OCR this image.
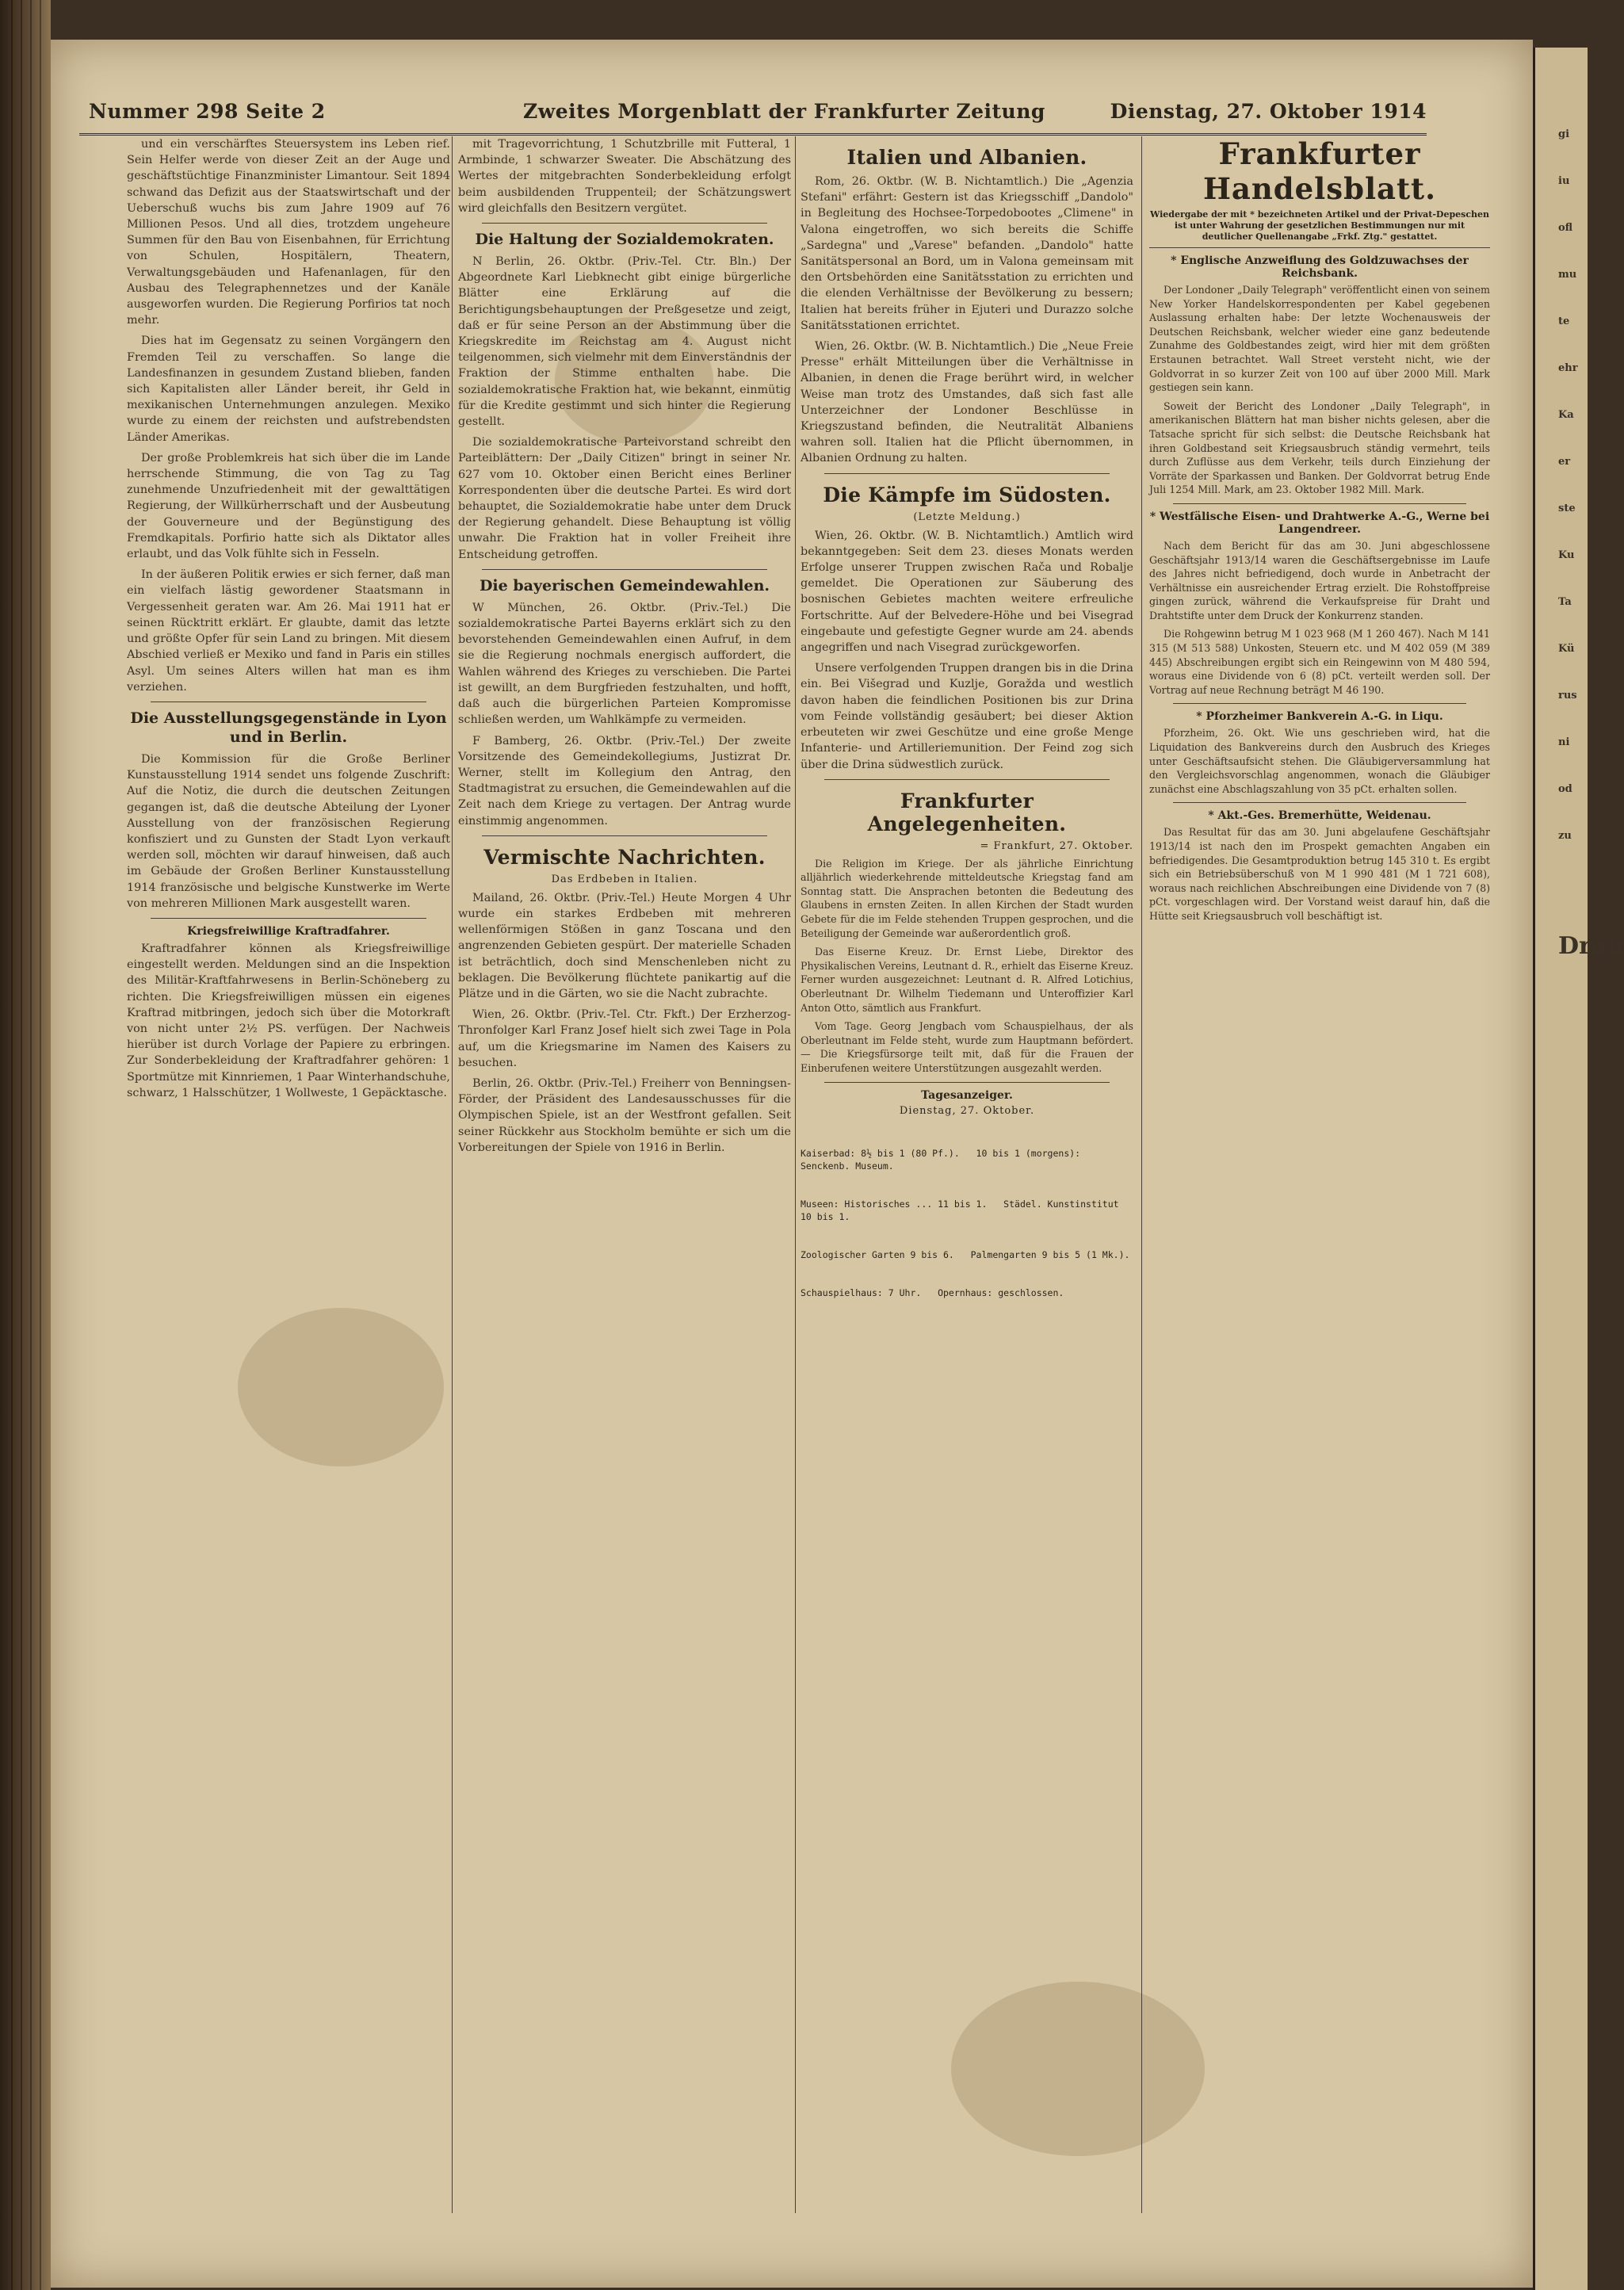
Nummer 298 Seite 2	Zweites Morgenblatt der Frankfurter Zeitung	Dienstag, 27. Oktober 1914

und ein verschärftes Steuersystem ins Leben rief. Sein Helfer werde von dieser Zeit an der Auge und geschäftstüchtige Finanzminister Limantour. Seit 1894 schwand das Defizit aus der Staatswirtschaft und der Ueberschuß wuchs bis zum Jahre 1909 auf 76 Millionen Pesos. Und all dies, trotzdem ungeheure Summen für den Bau von Eisenbahnen, für Errichtung von Schulen, Hospitälern, Theatern, Verwaltungsgebäuden und Hafenanlagen, für den Ausbau des Telegraphennetzes und der Kanäle ausgeworfen wurden. Die Regierung Porfirios tat noch mehr.

Dies hat im Gegensatz zu seinen Vorgängern den Fremden Teil zu verschaffen. So lange die Landesfinanzen in gesundem Zustand blieben, fanden sich Kapitalisten aller Länder bereit, ihr Geld in mexikanischen Unternehmungen anzulegen. Mexiko wurde zu einem der reichsten und aufstrebendsten Länder Amerikas.

Der große Problemkreis hat sich über die im Lande herrschende Stimmung, die von Tag zu Tag zunehmende Unzufriedenheit mit der gewalttätigen Regierung, der Willkürherrschaft und der Ausbeutung der Gouverneure und der Begünstigung des Fremdkapitals. Porfirio hatte sich als Diktator alles erlaubt, und das Volk fühlte sich in Fesseln.

In der äußeren Politik erwies er sich ferner, daß man ein vielfach lästig gewordener Staatsmann in Vergessenheit geraten war. Am 26. Mai 1911 hat er seinen Rücktritt erklärt. Er glaubte, damit das letzte und größte Opfer für sein Land zu bringen. Mit diesem Abschied verließ er Mexiko und fand in Paris ein stilles Asyl. Um seines Alters willen hat man es ihm verziehen.

Die Ausstellungsgegenstände in Lyon und in Berlin.

Die Kommission für die Große Berliner Kunstausstellung 1914 sendet uns folgende Zuschrift: Auf die Notiz, die durch die deutschen Zeitungen gegangen ist, daß die deutsche Abteilung der Lyoner Ausstellung von der französischen Regierung konfisziert und zu Gunsten der Stadt Lyon verkauft werden soll, möchten wir darauf hinweisen, daß auch im Gebäude der Großen Berliner Kunstausstellung 1914 französische und belgische Kunstwerke im Werte von mehreren Millionen Mark ausgestellt waren.

Kriegsfreiwillige Kraftradfahrer.

Kraftradfahrer können als Kriegsfreiwillige eingestellt werden. Meldungen sind an die Inspektion des Militär-Kraftfahrwesens in Berlin-Schöneberg zu richten. Die Kriegsfreiwilligen müssen ein eigenes Kraftrad mitbringen, jedoch sich über die Motorkraft von nicht unter 2½ PS. verfügen. Der Nachweis hierüber ist durch Vorlage der Papiere zu erbringen. Zur Sonderbekleidung der Kraftradfahrer gehören: 1 Sportmütze mit Kinnriemen, 1 Paar Winterhandschuhe, schwarz, 1 Halsschützer, 1 Wollweste, 1 Gepäcktasche.

mit Tragevorrichtung, 1 Schutzbrille mit Futteral, 1 Armbinde, 1 schwarzer Sweater. Die Abschätzung des Wertes der mitgebrachten Sonderbekleidung erfolgt beim ausbildenden Truppenteil; der Schätzungswert wird gleichfalls den Besitzern vergütet.

Die Haltung der Sozialdemokraten.

N Berlin, 26. Oktbr. (Priv.-Tel. Ctr. Bln.) Der Abgeordnete Karl Liebknecht gibt einige bürgerliche Blätter eine Erklärung auf die Berichtigungsbehauptungen der Preßgesetze und zeigt, daß er für seine Person an der Abstimmung über die Kriegskredite im Reichstag am 4. August nicht teilgenommen, sich vielmehr mit dem Einverständnis der Fraktion der Stimme enthalten habe. Die sozialdemokratische Fraktion hat, wie bekannt, einmütig für die Kredite gestimmt und sich hinter die Regierung gestellt.

Die sozialdemokratische Parteivorstand schreibt den Parteiblättern: Der „Daily Citizen" bringt in seiner Nr. 627 vom 10. Oktober einen Bericht eines Berliner Korrespondenten über die deutsche Partei. Es wird dort behauptet, die Sozialdemokratie habe unter dem Druck der Regierung gehandelt. Diese Behauptung ist völlig unwahr. Die Fraktion hat in voller Freiheit ihre Entscheidung getroffen.

Die bayerischen Gemeindewahlen.

W München, 26. Oktbr. (Priv.-Tel.) Die sozialdemokratische Partei Bayerns erklärt sich zu den bevorstehenden Gemeindewahlen einen Aufruf, in dem sie die Regierung nochmals energisch auffordert, die Wahlen während des Krieges zu verschieben. Die Partei ist gewillt, an dem Burgfrieden festzuhalten, und hofft, daß auch die bürgerlichen Parteien Kompromisse schließen werden, um Wahlkämpfe zu vermeiden.

F Bamberg, 26. Oktbr. (Priv.-Tel.) Der zweite Vorsitzende des Gemeindekollegiums, Justizrat Dr. Werner, stellt im Kollegium den Antrag, den Stadtmagistrat zu ersuchen, die Gemeindewahlen auf die Zeit nach dem Kriege zu vertagen. Der Antrag wurde einstimmig angenommen.

Vermischte Nachrichten.
Das Erdbeben in Italien.

Mailand, 26. Oktbr. (Priv.-Tel.) Heute Morgen 4 Uhr wurde ein starkes Erdbeben mit mehreren wellenförmigen Stößen in ganz Toscana und den angrenzenden Gebieten gespürt. Der materielle Schaden ist beträchtlich, doch sind Menschenleben nicht zu beklagen. Die Bevölkerung flüchtete panikartig auf die Plätze und in die Gärten, wo sie die Nacht zubrachte.

Wien, 26. Oktbr. (Priv.-Tel. Ctr. Fkft.) Der Erzherzog-Thronfolger Karl Franz Josef hielt sich zwei Tage in Pola auf, um die Kriegsmarine im Namen des Kaisers zu besuchen.

Berlin, 26. Oktbr. (Priv.-Tel.) Freiherr von Benningsen-Förder, der Präsident des Landesausschusses für die Olympischen Spiele, ist an der Westfront gefallen. Seit seiner Rückkehr aus Stockholm bemühte er sich um die Vorbereitungen der Spiele von 1916 in Berlin.

Italien und Albanien.

Rom, 26. Oktbr. (W. B. Nichtamtlich.) Die „Agenzia Stefani" erfährt: Gestern ist das Kriegsschiff „Dandolo" in Begleitung des Hochsee-Torpedobootes „Climene" in Valona eingetroffen, wo sich bereits die Schiffe „Sardegna" und „Varese" befanden. „Dandolo" hatte Sanitätspersonal an Bord, um in Valona gemeinsam mit den Ortsbehörden eine Sanitätsstation zu errichten und die elenden Verhältnisse der Bevölkerung zu bessern; Italien hat bereits früher in Ejuteri und Durazzo solche Sanitätsstationen errichtet.

Wien, 26. Oktbr. (W. B. Nichtamtlich.) Die „Neue Freie Presse" erhält Mitteilungen über die Verhältnisse in Albanien, in denen die Frage berührt wird, in welcher Weise man trotz des Umstandes, daß sich fast alle Unterzeichner der Londoner Beschlüsse in Kriegszustand befinden, die Neutralität Albaniens wahren soll. Italien hat die Pflicht übernommen, in Albanien Ordnung zu halten.

Die Kämpfe im Südosten.
(Letzte Meldung.)

Wien, 26. Oktbr. (W. B. Nichtamtlich.) Amtlich wird bekanntgegeben: Seit dem 23. dieses Monats werden Erfolge unserer Truppen zwischen Rača und Robalje gemeldet. Die Operationen zur Säuberung des bosnischen Gebietes machten weitere erfreuliche Fortschritte. Auf der Belvedere-Höhe und bei Visegrad eingebaute und gefestigte Gegner wurde am 24. abends angegriffen und nach Visegrad zurückgeworfen.

Unsere verfolgenden Truppen drangen bis in die Drina ein. Bei Višegrad und Kuzlje, Goražda und westlich davon haben die feindlichen Positionen bis zur Drina vom Feinde vollständig gesäubert; bei dieser Aktion erbeuteten wir zwei Geschütze und eine große Menge Infanterie- und Artilleriemunition. Der Feind zog sich über die Drina südwestlich zurück.

Frankfurter Angelegenheiten.
= Frankfurt, 27. Oktober.

Die Religion im Kriege. Der als jährliche Einrichtung alljährlich wiederkehrende mitteldeutsche Kriegstag fand am Sonntag statt. Die Ansprachen betonten die Bedeutung des Glaubens in ernsten Zeiten. In allen Kirchen der Stadt wurden Gebete für die im Felde stehenden Truppen gesprochen, und die Beteiligung der Gemeinde war außerordentlich groß.

Das Eiserne Kreuz. Dr. Ernst Liebe, Direktor des Physikalischen Vereins, Leutnant d. R., erhielt das Eiserne Kreuz. Ferner wurden ausgezeichnet: Leutnant d. R. Alfred Lotichius, Oberleutnant Dr. Wilhelm Tiedemann und Unteroffizier Karl Anton Otto, sämtlich aus Frankfurt.

Vom Tage. Georg Jengbach vom Schauspielhaus, der als Oberleutnant im Felde steht, wurde zum Hauptmann befördert. — Die Kriegsfürsorge teilt mit, daß für die Frauen der Einberufenen weitere Unterstützungen ausgezahlt werden.

Tagesanzeiger.
Dienstag, 27. Oktober.

Kaiserbad: 8½ bis 1 (80 Pf.).   10 bis 1 (morgens): Senckenb. Museum.

Museen: Historisches ... 11 bis 1.   Städel. Kunstinstitut 10 bis 1.

Zoologischer Garten 9 bis 6.   Palmengarten 9 bis 5 (1 Mk.).

Schauspielhaus: 7 Uhr.   Opernhaus: geschlossen.

Frankfurter Handelsblatt.
Wiedergabe der mit * bezeichneten Artikel und der Privat-Depeschen ist unter Wahrung der gesetzlichen Bestimmungen nur mit deutlicher Quellenangabe „Frkf. Ztg." gestattet.
* Englische Anzweiflung des Goldzuwachses der Reichsbank.

Der Londoner „Daily Telegraph" veröffentlicht einen von seinem New Yorker Handelskorrespondenten per Kabel gegebenen Auslassung erhalten habe: Der letzte Wochenausweis der Deutschen Reichsbank, welcher wieder eine ganz bedeutende Zunahme des Goldbestandes zeigt, wird hier mit dem größten Erstaunen betrachtet. Wall Street versteht nicht, wie der Goldvorrat in so kurzer Zeit von 100 auf über 2000 Mill. Mark gestiegen sein kann.

Soweit der Bericht des Londoner „Daily Telegraph", in amerikanischen Blättern hat man bisher nichts gelesen, aber die Tatsache spricht für sich selbst: die Deutsche Reichsbank hat ihren Goldbestand seit Kriegsausbruch ständig vermehrt, teils durch Zuflüsse aus dem Verkehr, teils durch Einziehung der Vorräte der Sparkassen und Banken. Der Goldvorrat betrug Ende Juli 1254 Mill. Mark, am 23. Oktober 1982 Mill. Mark.

* Westfälische Eisen- und Drahtwerke A.-G., Werne bei Langendreer.

Nach dem Bericht für das am 30. Juni abgeschlossene Geschäftsjahr 1913/14 waren die Geschäftsergebnisse im Laufe des Jahres nicht befriedigend, doch wurde in Anbetracht der Verhältnisse ein ausreichender Ertrag erzielt. Die Rohstoffpreise gingen zurück, während die Verkaufspreise für Draht und Drahtstifte unter dem Druck der Konkurrenz standen.

Die Rohgewinn betrug M 1 023 968 (M 1 260 467). Nach M 141 315 (M 513 588) Unkosten, Steuern etc. und M 402 059 (M 389 445) Abschreibungen ergibt sich ein Reingewinn von M 480 594, woraus eine Dividende von 6 (8) pCt. verteilt werden soll. Der Vortrag auf neue Rechnung beträgt M 46 190.

* Pforzheimer Bankverein A.-G. in Liqu.

Pforzheim, 26. Okt. Wie uns geschrieben wird, hat die Liquidation des Bankvereins durch den Ausbruch des Krieges unter Geschäftsaufsicht stehen. Die Gläubigerversammlung hat den Vergleichsvorschlag angenommen, wonach die Gläubiger zunächst eine Abschlagszahlung von 35 pCt. erhalten sollen.

* Akt.-Ges. Bremerhütte, Weidenau.

Das Resultat für das am 30. Juni abgelaufene Geschäftsjahr 1913/14 ist nach den im Prospekt gemachten Angaben ein befriedigendes. Die Gesamtproduktion betrug 145 310 t. Es ergibt sich ein Betriebsüberschuß von M 1 990 481 (M 1 721 608), woraus nach reichlichen Abschreibungen eine Dividende von 7 (8) pCt. vorgeschlagen wird. Der Vorstand weist darauf hin, daß die Hütte seit Kriegsausbruch voll beschäftigt ist.

gi
iu
ofl
mu
te
ehr
Ka
er
ste
Ku
Ta
Kü
rus
ni
od
zu
Drah
